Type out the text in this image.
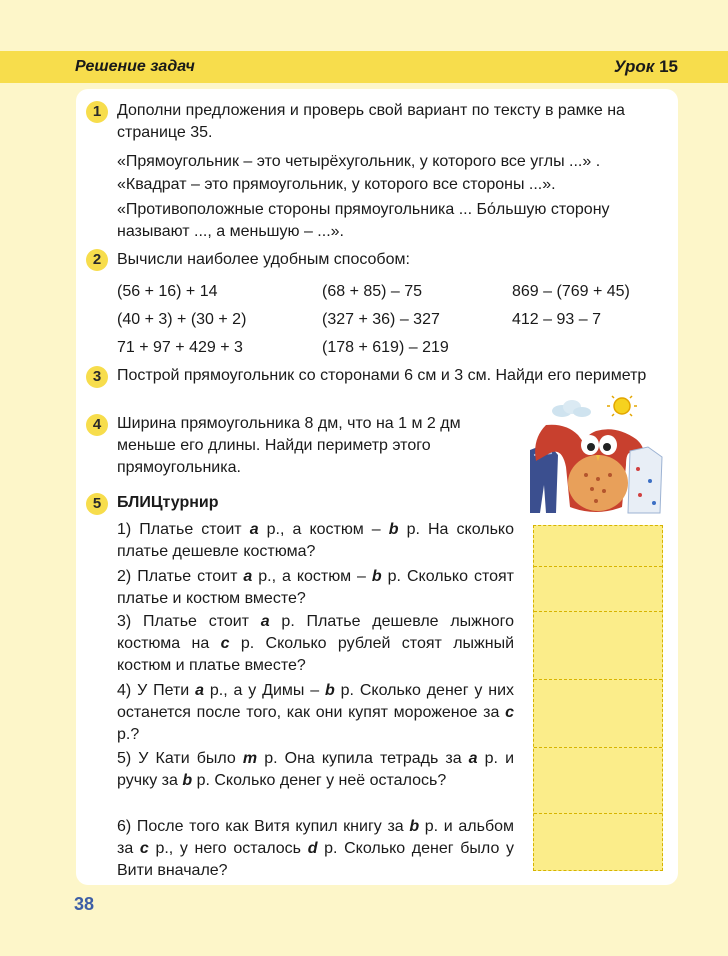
Решение задач	Урок 15
1 Дополни предложения и проверь свой вариант по тексту в рамке на странице 35.
«Прямоугольник – это четырёхугольник, у которого все углы ...» .
«Квадрат – это прямоугольник, у которого все стороны ...».
«Противоположные стороны прямоугольника ... Бо́льшую сторону называют ..., а меньшую – ...».
2 Вычисли наиболее удобным способом:
(56 + 16) + 14	(68 + 85) – 75	869 – (769 + 45)
(40 + 3) + (30 + 2)	(327 + 36) – 327	412 – 93 – 7
71 + 97 + 429 + 3	(178 + 619) – 219
3 Построй прямоугольник со сторонами 6 см и 3 см. Найди его периметр
4 Ширина прямоугольника 8 дм, что на 1 м 2 дм меньше его длины. Найди периметр этого прямоугольника.
5 БЛИЦтурнир
1) Платье стоит a р., а костюм – b р. На сколько платье дешевле костюма?
2) Платье стоит a р., а костюм – b р. Сколько стоят платье и костюм вместе?
3) Платье стоит a р. Платье дешевле лыжного костюма на c р. Сколько рублей стоят лыжный костюм и платье вместе?
4) У Пети a р., а у Димы – b р. Сколько денег у них останется после того, как они купят мороженое за c р.?
5) У Кати было m р. Она купила тетрадь за a р. и ручку за b р. Сколько денег у неё осталось?
6) После того как Витя купил книгу за b р. и альбом за c р., у него осталось d р. Сколько денег было у Вити вначале?
38
